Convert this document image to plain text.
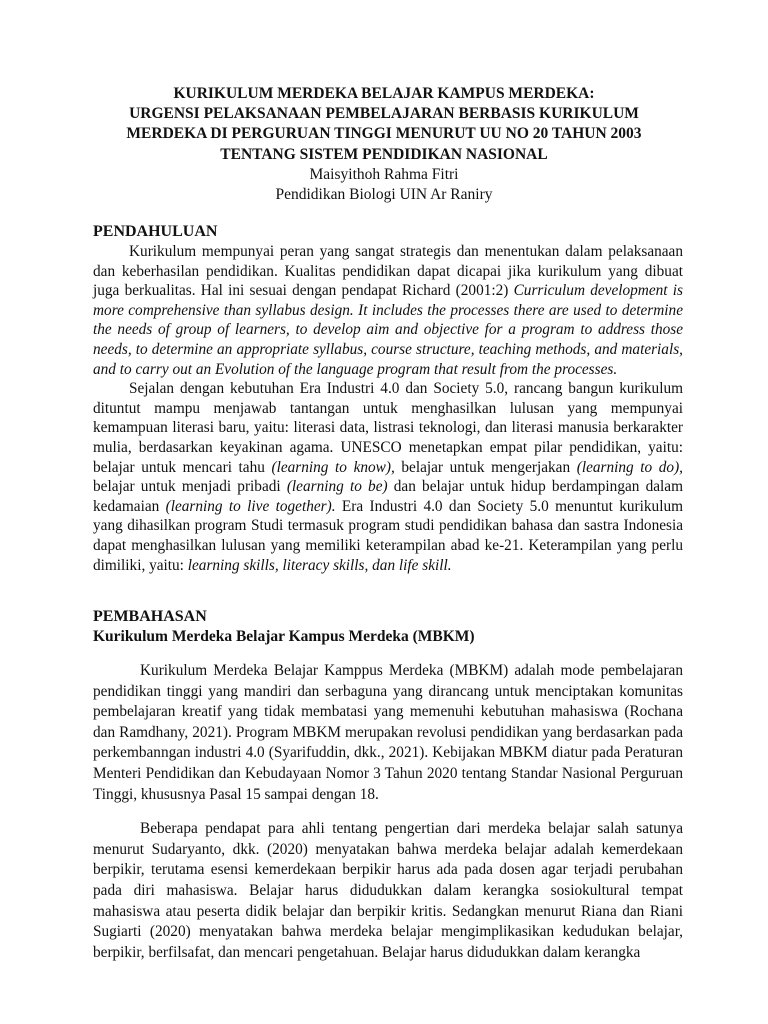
KURIKULUM MERDEKA BELAJAR KAMPUS MERDEKA:
URGENSI PELAKSANAAN PEMBELAJARAN BERBASIS KURIKULUM
MERDEKA DI PERGURUAN TINGGI MENURUT UU NO 20 TAHUN 2003
TENTANG SISTEM PENDIDIKAN NASIONAL
Maisyithoh Rahma Fitri
Pendidikan Biologi UIN Ar Raniry

PENDAHULUAN

Kurikulum mempunyai peran yang sangat strategis dan menentukan dalam pelaksanaan dan keberhasilan pendidikan. Kualitas pendidikan dapat dicapai jika kurikulum yang dibuat juga berkualitas. Hal ini sesuai dengan pendapat Richard (2001:2) Curriculum development is more comprehensive than syllabus design. It includes the processes there are used to determine the needs of group of learners, to develop aim and objective for a program to address those needs, to determine an appropriate syllabus, course structure, teaching methods, and materials, and to carry out an Evolution of the language program that result from the processes.

Sejalan dengan kebutuhan Era Industri 4.0 dan Society 5.0, rancang bangun kurikulum dituntut mampu menjawab tantangan untuk menghasilkan lulusan yang mempunyai kemampuan literasi baru, yaitu: literasi data, listrasi teknologi, dan literasi manusia berkarakter mulia, berdasarkan keyakinan agama. UNESCO menetapkan empat pilar pendidikan, yaitu: belajar untuk mencari tahu (learning to know), belajar untuk mengerjakan (learning to do), belajar untuk menjadi pribadi (learning to be) dan belajar untuk hidup berdampingan dalam kedamaian (learning to live together). Era Industri 4.0 dan Society 5.0 menuntut kurikulum yang dihasilkan program Studi termasuk program studi pendidikan bahasa dan sastra Indonesia dapat menghasilkan lulusan yang memiliki keterampilan abad ke-21. Keterampilan yang perlu dimiliki, yaitu: learning skills, literacy skills, dan life skill.

PEMBAHASAN

Kurikulum Merdeka Belajar Kampus Merdeka (MBKM)

Kurikulum Merdeka Belajar Kamppus Merdeka (MBKM) adalah mode pembelajaran pendidikan tinggi yang mandiri dan serbaguna yang dirancang untuk menciptakan komunitas pembelajaran kreatif yang tidak membatasi yang memenuhi kebutuhan mahasiswa (Rochana dan Ramdhany, 2021). Program MBKM merupakan revolusi pendidikan yang berdasarkan pada perkembanngan industri 4.0 (Syarifuddin, dkk., 2021). Kebijakan MBKM diatur pada Peraturan Menteri Pendidikan dan Kebudayaan Nomor 3 Tahun 2020 tentang Standar Nasional Perguruan Tinggi, khususnya Pasal 15 sampai dengan 18.

Beberapa pendapat para ahli tentang pengertian dari merdeka belajar salah satunya menurut Sudaryanto, dkk. (2020) menyatakan bahwa merdeka belajar adalah kemerdekaan berpikir, terutama esensi kemerdekaan berpikir harus ada pada dosen agar terjadi perubahan pada diri mahasiswa. Belajar harus didudukkan dalam kerangka sosiokultural tempat mahasiswa atau peserta didik belajar dan berpikir kritis. Sedangkan menurut Riana dan Riani Sugiarti (2020) menyatakan bahwa merdeka belajar mengimplikasikan kedudukan belajar, berpikir, berfilsafat, dan mencari pengetahuan. Belajar harus didudukkan dalam kerangka
